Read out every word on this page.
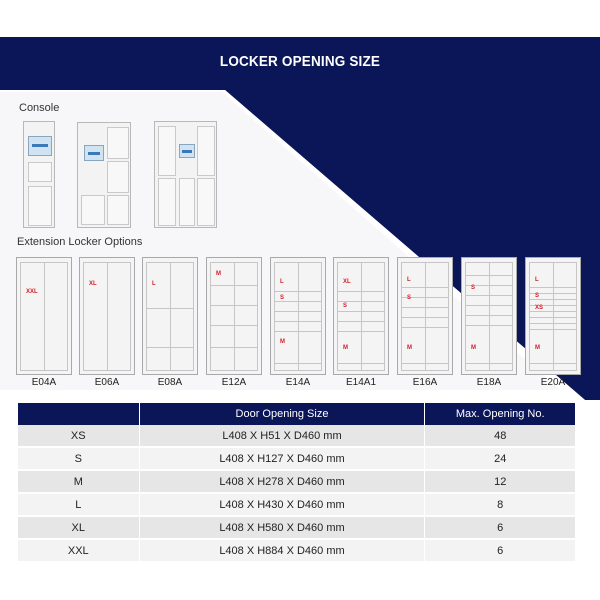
LOCKER OPENING SIZE
Console
Extension Locker Options
XXL
E04A
XL
E06A
L
E08A
M
E12A
L
S
M
E14A
XL
S
M
E14A1
L
S
M
E16A
S
M
E18A
L
S
XS
M
E20A
	Door Opening Size	Max. Opening No.
XS	L408 X H51 X D460 mm	48
S	L408 X H127 X D460 mm	24
M	L408 X H278 X D460 mm	12
L	L408 X H430 X D460 mm	8
XL	L408 X H580 X D460 mm	6
XXL	L408 X H884 X D460 mm	6
